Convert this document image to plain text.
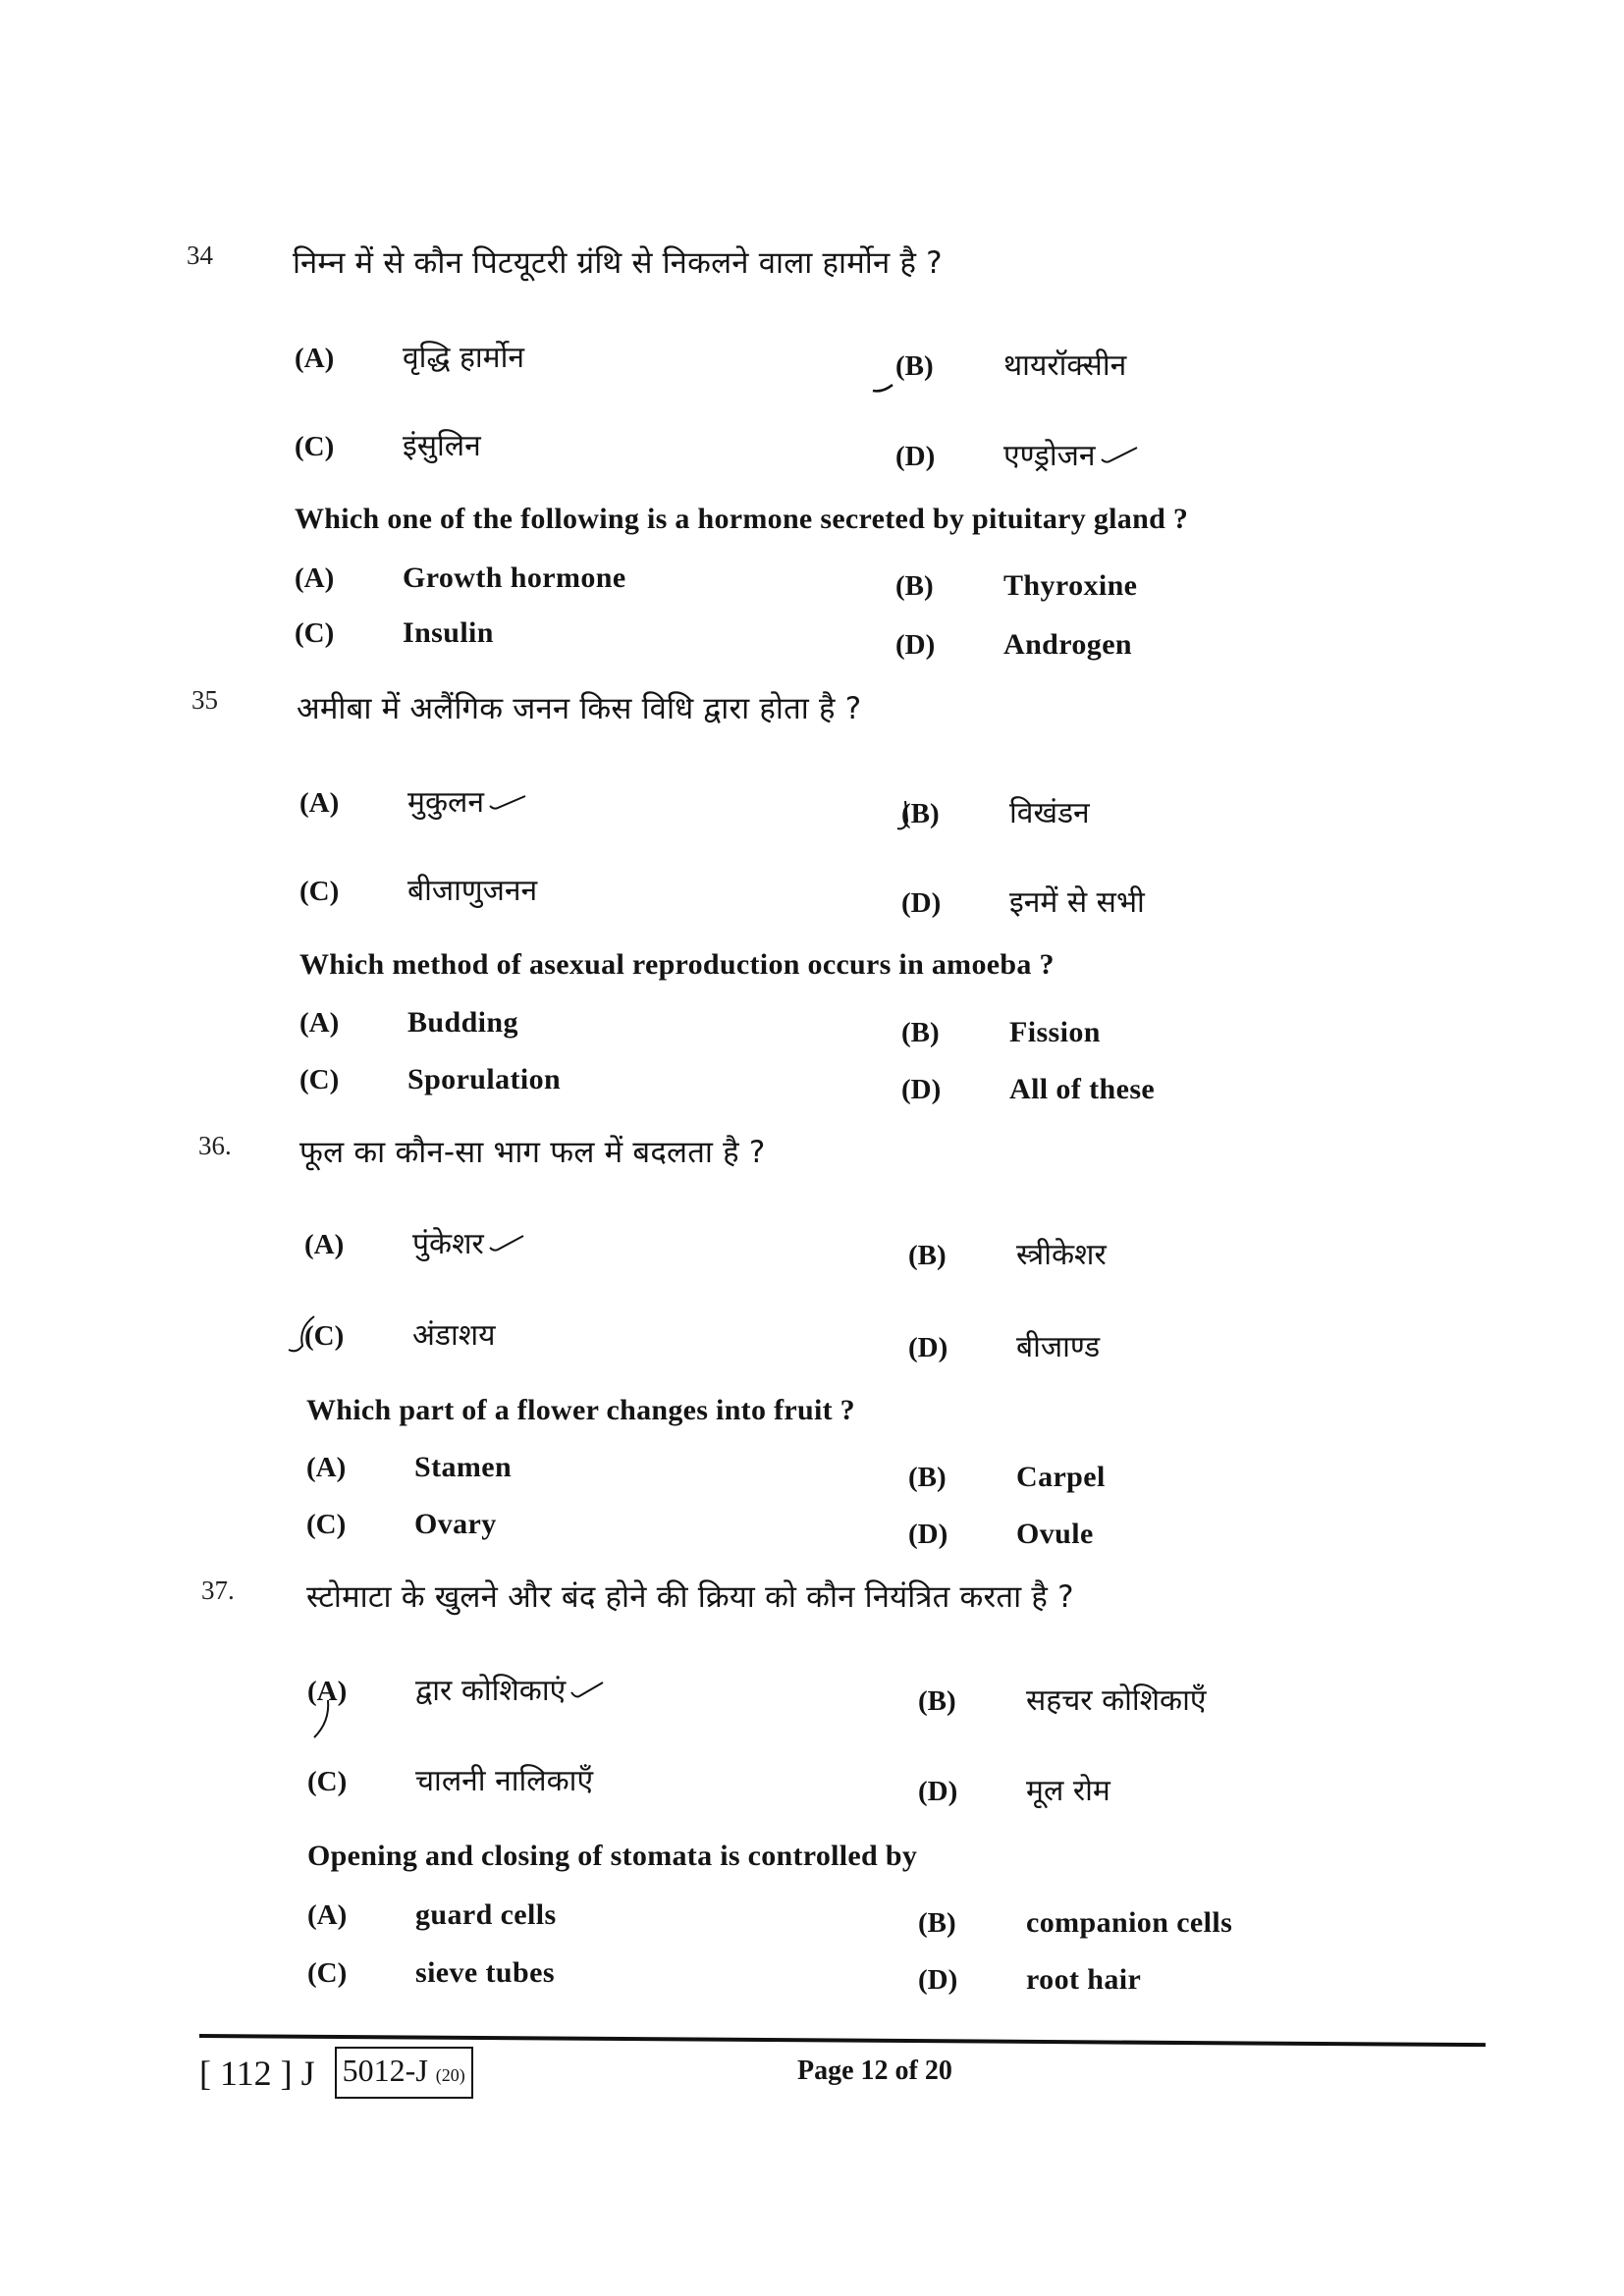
34	निम्न में से कौन पिटयूटरी ग्रंथि से निकलने वाला हार्मोन है ?
(A)	वृद्धि हार्मोन	(B)	थायरॉक्सीन
(C)	इंसुलिन	(D)	एण्ड्रोजन
Which one of the following is a hormone secreted by pituitary gland ?
(A)	Growth hormone	(B)	Thyroxine
(C)	Insulin	(D)	Androgen
35	अमीबा में अलैंगिक जनन किस विधि द्वारा होता है ?
(A)	मुकुलन	(B)	विखंडन
(C)	बीजाणुजनन	(D)	इनमें से सभी
Which method of asexual reproduction occurs in amoeba ?
(A)	Budding	(B)	Fission
(C)	Sporulation	(D)	All of these
36. फूल का कौन-सा भाग फल में बदलता है ?
(A)	पुंकेशर	(B)	स्त्रीकेशर
(C)	अंडाशय	(D)	बीजाण्ड
Which part of a flower changes into fruit ?
(A)	Stamen	(B)	Carpel
(C)	Ovary	(D)	Ovule
37. स्टोमाटा के खुलने और बंद होने की क्रिया को कौन नियंत्रित करता है ?
(A)	द्वार कोशिकाएं	(B)	सहचर कोशिकाएँ
(C)	चालनी नालिकाएँ	(D)	मूल रोम
Opening and closing of stomata is controlled by
(A)	guard cells	(B)	companion cells
(C)	sieve tubes	(D)	root hair
[ 112 ] J 5012-J (20)	Page 12 of 20
